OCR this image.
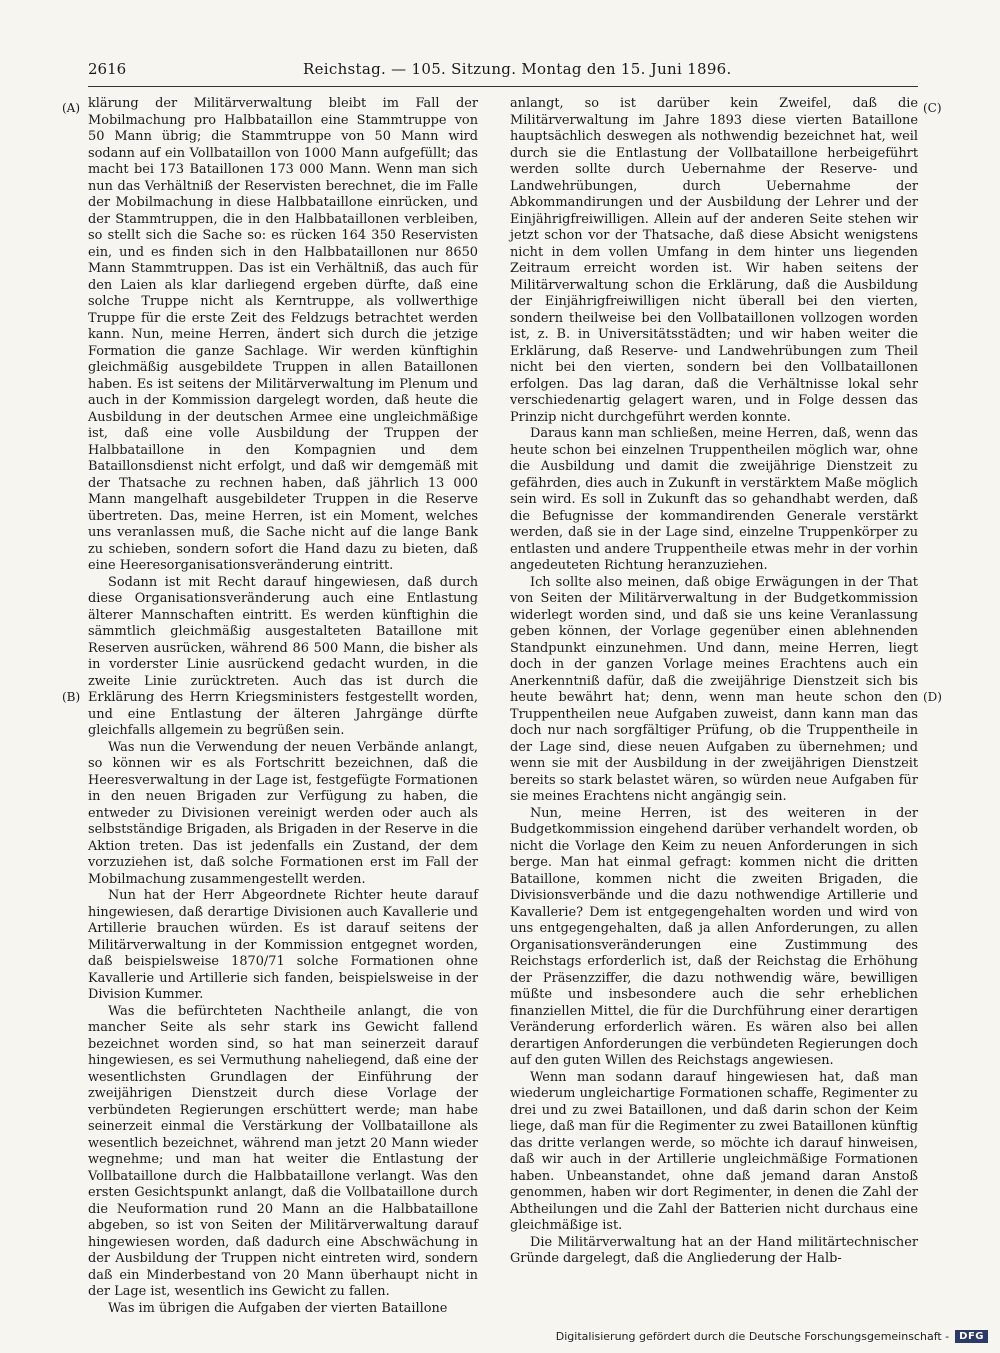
2616	Reichstag. — 105. Sitzung. Montag den 15. Juni 1896.
(A)
(B)
(C)
(D)

klärung der Militärverwaltung bleibt im Fall der Mobilmachung pro Halbbataillon eine Stammtruppe von 50 Mann übrig; die Stammtruppe von 50 Mann wird sodann auf ein Vollbataillon von 1000 Mann aufgefüllt; das macht bei 173 Bataillonen 173 000 Mann. Wenn man sich nun das Verhältniß der Reservisten berechnet, die im Falle der Mobilmachung in diese Halbbataillone einrücken, und der Stammtruppen, die in den Halbbataillonen verbleiben, so stellt sich die Sache so: es rücken 164 350 Reservisten ein, und es finden sich in den Halbbataillonen nur 8650 Mann Stammtruppen. Das ist ein Verhältniß, das auch für den Laien als klar darliegend ergeben dürfte, daß eine solche Truppe nicht als Kerntruppe, als vollwerthige Truppe für die erste Zeit des Feldzugs betrachtet werden kann. Nun, meine Herren, ändert sich durch die jetzige Formation die ganze Sachlage. Wir werden künftighin gleichmäßig ausgebildete Truppen in allen Bataillonen haben. Es ist seitens der Militärverwaltung im Plenum und auch in der Kommission dargelegt worden, daß heute die Ausbildung in der deutschen Armee eine ungleichmäßige ist, daß eine volle Ausbildung der Truppen der Halbbataillone in den Kompagnien und dem Bataillonsdienst nicht erfolgt, und daß wir demgemäß mit der Thatsache zu rechnen haben, daß jährlich 13 000 Mann mangelhaft ausgebildeter Truppen in die Reserve übertreten. Das, meine Herren, ist ein Moment, welches uns veranlassen muß, die Sache nicht auf die lange Bank zu schieben, sondern sofort die Hand dazu zu bieten, daß eine Heeresorganisationsveränderung eintritt.

Sodann ist mit Recht darauf hingewiesen, daß durch diese Organisationsveränderung auch eine Entlastung älterer Mannschaften eintritt. Es werden künftighin die sämmtlich gleichmäßig ausgestalteten Bataillone mit Reserven ausrücken, während 86 500 Mann, die bisher als in vorderster Linie ausrückend gedacht wurden, in die zweite Linie zurücktreten. Auch das ist durch die Erklärung des Herrn Kriegsministers festgestellt worden, und eine Entlastung der älteren Jahrgänge dürfte gleichfalls allgemein zu begrüßen sein.

Was nun die Verwendung der neuen Verbände anlangt, so können wir es als Fortschritt bezeichnen, daß die Heeresverwaltung in der Lage ist, festgefügte Formationen in den neuen Brigaden zur Verfügung zu haben, die entweder zu Divisionen vereinigt werden oder auch als selbstständige Brigaden, als Brigaden in der Reserve in die Aktion treten. Das ist jedenfalls ein Zustand, der dem vorzuziehen ist, daß solche Formationen erst im Fall der Mobilmachung zusammengestellt werden.

Nun hat der Herr Abgeordnete Richter heute darauf hingewiesen, daß derartige Divisionen auch Kavallerie und Artillerie brauchen würden. Es ist darauf seitens der Militärverwaltung in der Kommission entgegnet worden, daß beispielsweise 1870/71 solche Formationen ohne Kavallerie und Artillerie sich fanden, beispielsweise in der Division Kummer.

Was die befürchteten Nachtheile anlangt, die von mancher Seite als sehr stark ins Gewicht fallend bezeichnet worden sind, so hat man seinerzeit darauf hingewiesen, es sei Vermuthung naheliegend, daß eine der wesentlichsten Grundlagen der Einführung der zweijährigen Dienstzeit durch diese Vorlage der verbündeten Regierungen erschüttert werde; man habe seinerzeit einmal die Verstärkung der Vollbataillone als wesentlich bezeichnet, während man jetzt 20 Mann wieder wegnehme; und man hat weiter die Entlastung der Vollbataillone durch die Halbbataillone verlangt. Was den ersten Gesichtspunkt anlangt, daß die Vollbataillone durch die Neuformation rund 20 Mann an die Halbbataillone abgeben, so ist von Seiten der Militärverwaltung darauf hingewiesen worden, daß dadurch eine Abschwächung in der Ausbildung der Truppen nicht eintreten wird, sondern daß ein Minderbestand von 20 Mann überhaupt nicht in der Lage ist, wesentlich ins Gewicht zu fallen.

Was im übrigen die Aufgaben der vierten Bataillone

anlangt, so ist darüber kein Zweifel, daß die Militärverwaltung im Jahre 1893 diese vierten Bataillone hauptsächlich deswegen als nothwendig bezeichnet hat, weil durch sie die Entlastung der Vollbataillone herbeigeführt werden sollte durch Uebernahme der Reserve- und Landwehrübungen, durch Uebernahme der Abkommandirungen und der Ausbildung der Lehrer und der Einjährigfreiwilligen. Allein auf der anderen Seite stehen wir jetzt schon vor der Thatsache, daß diese Absicht wenigstens nicht in dem vollen Umfang in dem hinter uns liegenden Zeitraum erreicht worden ist. Wir haben seitens der Militärverwaltung schon die Erklärung, daß die Ausbildung der Einjährigfreiwilligen nicht überall bei den vierten, sondern theilweise bei den Vollbataillonen vollzogen worden ist, z. B. in Universitätsstädten; und wir haben weiter die Erklärung, daß Reserve- und Landwehrübungen zum Theil nicht bei den vierten, sondern bei den Vollbataillonen erfolgen. Das lag daran, daß die Verhältnisse lokal sehr verschiedenartig gelagert waren, und in Folge dessen das Prinzip nicht durchgeführt werden konnte.

Daraus kann man schließen, meine Herren, daß, wenn das heute schon bei einzelnen Truppentheilen möglich war, ohne die Ausbildung und damit die zweijährige Dienstzeit zu gefährden, dies auch in Zukunft in verstärktem Maße möglich sein wird. Es soll in Zukunft das so gehandhabt werden, daß die Befugnisse der kommandirenden Generale verstärkt werden, daß sie in der Lage sind, einzelne Truppenkörper zu entlasten und andere Truppentheile etwas mehr in der vorhin angedeuteten Richtung heranzuziehen.

Ich sollte also meinen, daß obige Erwägungen in der That von Seiten der Militärverwaltung in der Budgetkommission widerlegt worden sind, und daß sie uns keine Veranlassung geben können, der Vorlage gegenüber einen ablehnenden Standpunkt einzunehmen. Und dann, meine Herren, liegt doch in der ganzen Vorlage meines Erachtens auch ein Anerkenntniß dafür, daß die zweijährige Dienstzeit sich bis heute bewährt hat; denn, wenn man heute schon den Truppentheilen neue Aufgaben zuweist, dann kann man das doch nur nach sorgfältiger Prüfung, ob die Truppentheile in der Lage sind, diese neuen Aufgaben zu übernehmen; und wenn sie mit der Ausbildung in der zweijährigen Dienstzeit bereits so stark belastet wären, so würden neue Aufgaben für sie meines Erachtens nicht angängig sein.

Nun, meine Herren, ist des weiteren in der Budgetkommission eingehend darüber verhandelt worden, ob nicht die Vorlage den Keim zu neuen Anforderungen in sich berge. Man hat einmal gefragt: kommen nicht die dritten Bataillone, kommen nicht die zweiten Brigaden, die Divisionsverbände und die dazu nothwendige Artillerie und Kavallerie? Dem ist entgegengehalten worden und wird von uns entgegengehalten, daß ja allen Anforderungen, zu allen Organisationsveränderungen eine Zustimmung des Reichstags erforderlich ist, daß der Reichstag die Erhöhung der Präsenzziffer, die dazu nothwendig wäre, bewilligen müßte und insbesondere auch die sehr erheblichen finanziellen Mittel, die für die Durchführung einer derartigen Veränderung erforderlich wären. Es wären also bei allen derartigen Anforderungen die verbündeten Regierungen doch auf den guten Willen des Reichstags angewiesen.

Wenn man sodann darauf hingewiesen hat, daß man wiederum ungleichartige Formationen schaffe, Regimenter zu drei und zu zwei Bataillonen, und daß darin schon der Keim liege, daß man für die Regimenter zu zwei Bataillonen künftig das dritte verlangen werde, so möchte ich darauf hinweisen, daß wir auch in der Artillerie ungleichmäßige Formationen haben. Unbeanstandet, ohne daß jemand daran Anstoß genommen, haben wir dort Regimenter, in denen die Zahl der Abtheilungen und die Zahl der Batterien nicht durchaus eine gleichmäßige ist.

Die Militärverwaltung hat an der Hand militärtechnischer Gründe dargelegt, daß die Angliederung der Halb-

Digitalisierung gefördert durch die Deutsche Forschungsgemeinschaft -	DFG
